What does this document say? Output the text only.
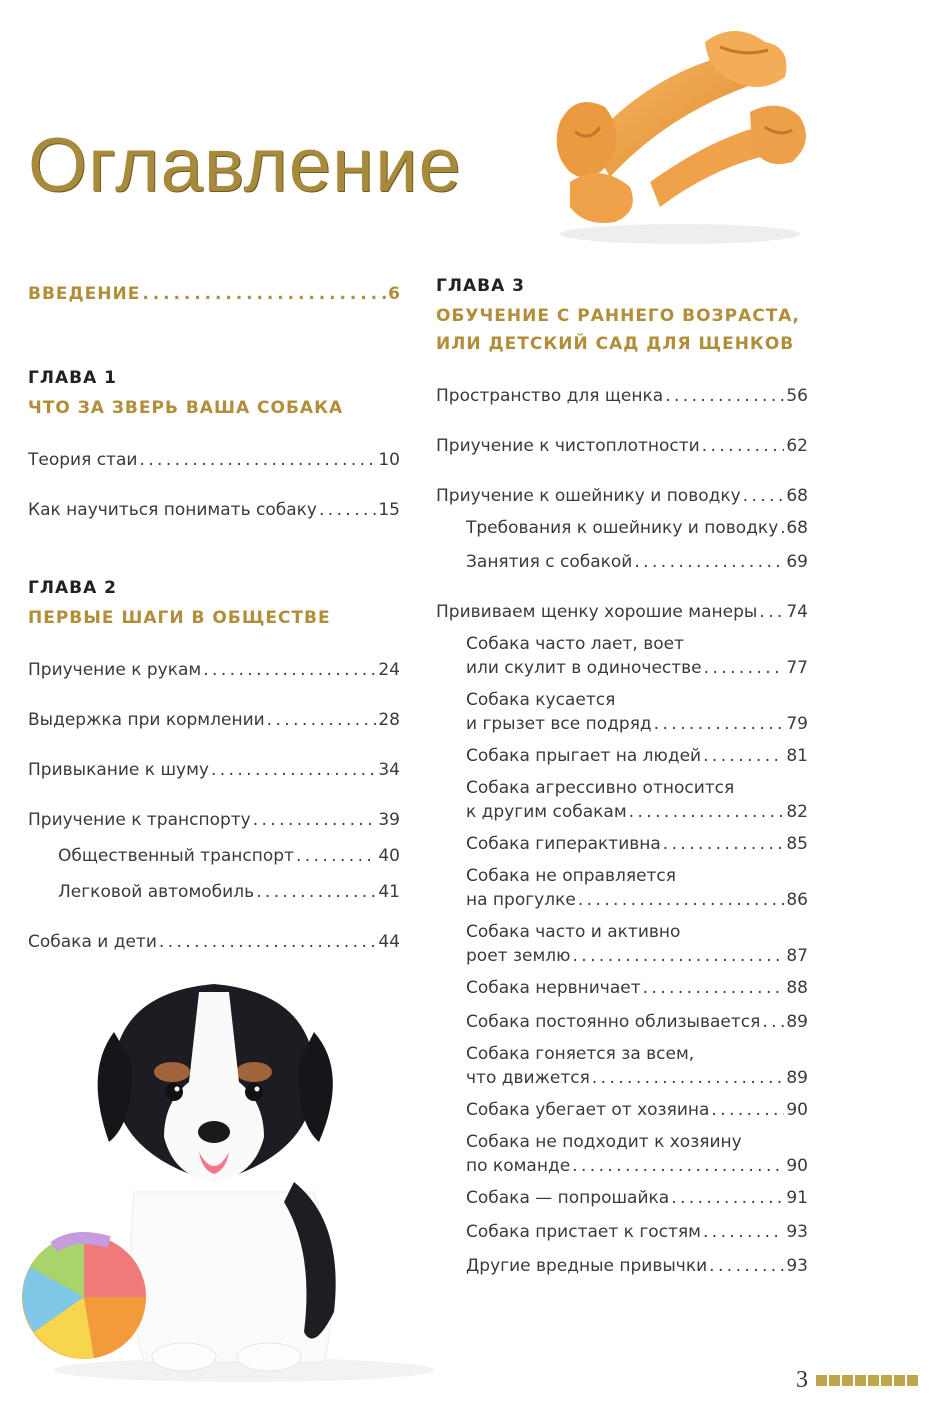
Оглавление
ВВЕДЕНИЕ . . .	6
ГЛАВА 1
ЧТО ЗА ЗВЕРЬ ВАША СОБАКА
Теория стаи . . .	10
Как научиться понимать собаку . . .	15
ГЛАВА 2
ПЕРВЫЕ ШАГИ В ОБЩЕСТВЕ
Приучение к рукам . . .	24
Выдержка при кормлении . . .	28
Привыкание к шуму . . .	34
Приучение к транспорту . . .	39
Общественный транспорт . . .	40
Легковой автомобиль . . .	41
Собака и дети . . .	44
ГЛАВА 3
ОБУЧЕНИЕ С РАННЕГО ВОЗРАСТА,
ИЛИ ДЕТСКИЙ САД ДЛЯ ЩЕНКОВ
Пространство для щенка . . .	56
Приучение к чистоплотности . . .	62
Приучение к ошейнику и поводку . . .	68
Требования к ошейнику и поводку . . . 68
Занятия с собакой . . .	69
Прививаем щенку хорошие манеры . . . 74
Собака часто лает, воет
или скулит в одиночестве . . .	77
Собака кусается
и грызет все подряд . . .	79
Собака прыгает на людей . . .	81
Собака агрессивно относится
к другим собакам . . .	82
Собака гиперактивна . . .	85
Собака не оправляется
на прогулке . . .	86
Собака часто и активно
роет землю . . .	87
Собака нервничает . . .	88
Собака постоянно облизывается . . . 89
Собака гоняется за всем,
что движется . . .	89
Собака убегает от хозяина . . .	90
Собака не подходит к хозяину
по команде . . .	90
Собака — попрошайка . . .	91
Собака пристает к гостям . . .	93
Другие вредные привычки . . .	93
3
